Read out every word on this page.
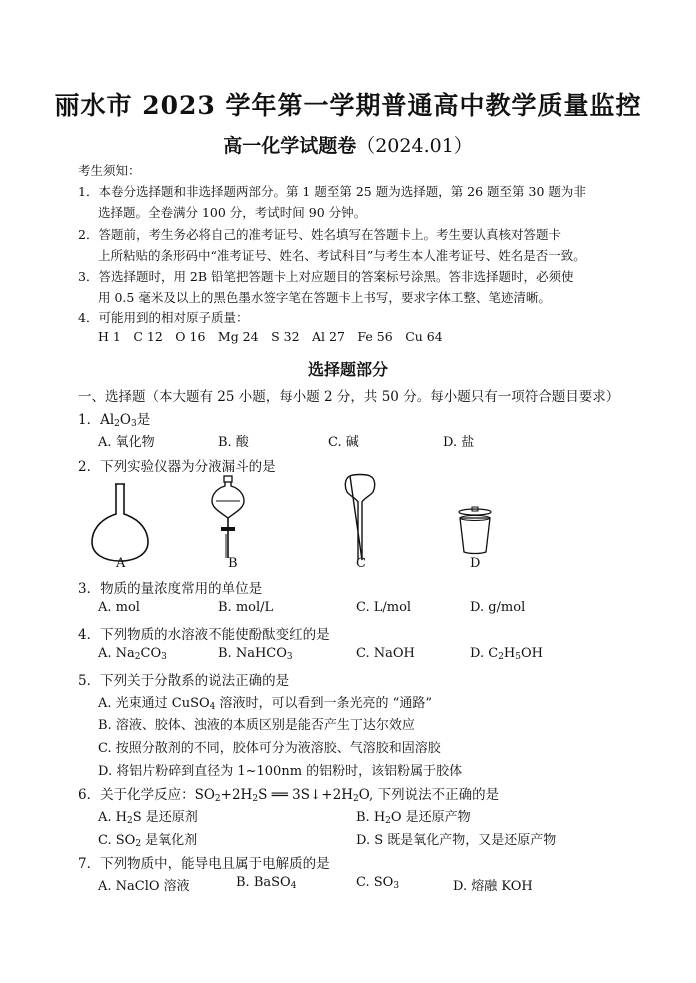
丽水市 2023 学年第一学期普通高中教学质量监控
高一化学试题卷（2024.01）
考生须知：
1．本卷分选择题和非选择题两部分。第 1 题至第 25 题为选择题，第 26 题至第 30 题为非
选择题。全卷满分 100 分，考试时间 90 分钟。
2．答题前，考生务必将自己的准考证号、姓名填写在答题卡上。考生要认真核对答题卡
上所粘贴的条形码中“准考证号、姓名、考试科目”与考生本人准考证号、姓名是否一致。
3．答选择题时，用 2B 铅笔把答题卡上对应题目的答案标号涂黑。答非选择题时，必须使
用 0.5 毫米及以上的黑色墨水签字笔在答题卡上书写，要求字体工整、笔迹清晰。
4．可能用到的相对原子质量：
H 1　C 12　O 16　Mg 24　S 32　Al 27　Fe 56　Cu 64
选择题部分
一、选择题（本大题有 25 小题，每小题 2 分，共 50 分。每小题只有一项符合题目要求）
1．$Al_2O_3$是
A. 氧化物	B. 酸	C. 碱	D. 盐
2．下列实验仪器为分液漏斗的是
A	B	C	D
3．物质的量浓度常用的单位是
A. mol	B. mol/L	C. L/mol	D. g/mol
4．下列物质的水溶液不能使酚酞变红的是
A. $Na_2CO_3$	B. NaHCO$_3$	C. NaOH	D. $C_2H_5OH$
5．下列关于分散系的说法正确的是
A. 光束通过 CuSO$_4$ 溶液时，可以看到一条光亮的 “通路”
B. 溶液、胶体、浊液的本质区别是能否产生丁达尔效应
C. 按照分散剂的不同，胶体可分为液溶胶、气溶胶和固溶胶
D. 将铝片粉碎到直径为 1~100nm 的铝粉时，该铝粉属于胶体
6．关于化学反应：$SO_2+2H_2S$ ══ $3S↓+2H_2O$, 下列说法不正确的是
A. $H_2S$ 是还原剂	B. $H_2O$ 是还原产物
C. $SO_2$ 是氧化剂	D. S 既是氧化产物，又是还原产物
7．下列物质中，能导电且属于电解质的是
A. NaClO 溶液	B. BaSO$_4$	C. $SO_3$	D. 熔融 KOH
